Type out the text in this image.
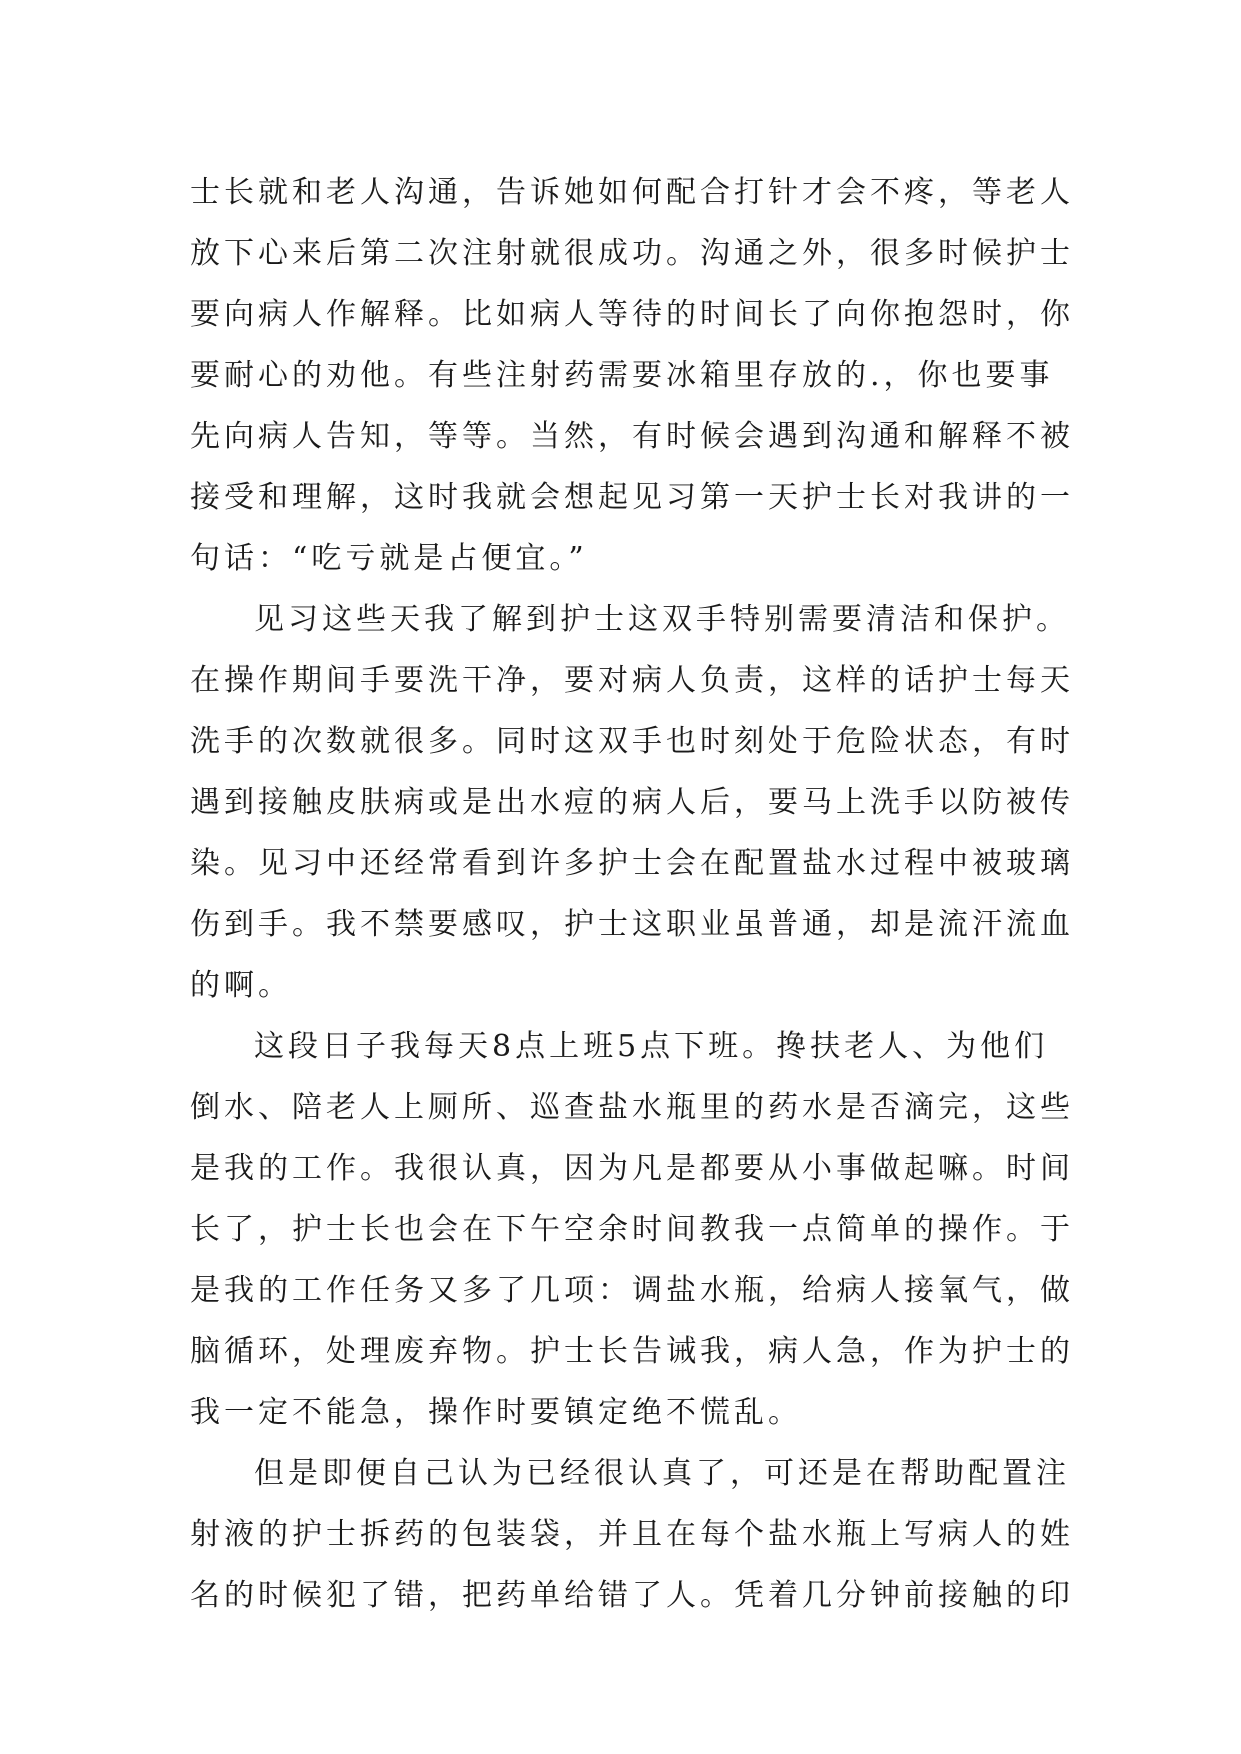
士长就和老人沟通，告诉她如何配合打针才会不疼，等老人
放下心来后第二次注射就很成功。沟通之外，很多时候护士
要向病人作解释。比如病人等待的时间长了向你抱怨时，你
要耐心的劝他。有些注射药需要冰箱里存放的.，你也要事
先向病人告知，等等。当然，有时候会遇到沟通和解释不被
接受和理解，这时我就会想起见习第一天护士长对我讲的一
句话：“吃亏就是占便宜。”
见习这些天我了解到护士这双手特别需要清洁和保护。
在操作期间手要洗干净，要对病人负责，这样的话护士每天
洗手的次数就很多。同时这双手也时刻处于危险状态，有时
遇到接触皮肤病或是出水痘的病人后，要马上洗手以防被传
染。见习中还经常看到许多护士会在配置盐水过程中被玻璃
伤到手。我不禁要感叹，护士这职业虽普通，却是流汗流血
的啊。
这段日子我每天8点上班5点下班。搀扶老人、为他们
倒水、陪老人上厕所、巡查盐水瓶里的药水是否滴完，这些
是我的工作。我很认真，因为凡是都要从小事做起嘛。时间
长了，护士长也会在下午空余时间教我一点简单的操作。于
是我的工作任务又多了几项：调盐水瓶，给病人接氧气，做
脑循环，处理废弃物。护士长告诫我，病人急，作为护士的
我一定不能急，操作时要镇定绝不慌乱。
但是即便自己认为已经很认真了，可还是在帮助配置注
射液的护士拆药的包装袋，并且在每个盐水瓶上写病人的姓
名的时候犯了错，把药单给错了人。凭着几分钟前接触的印
